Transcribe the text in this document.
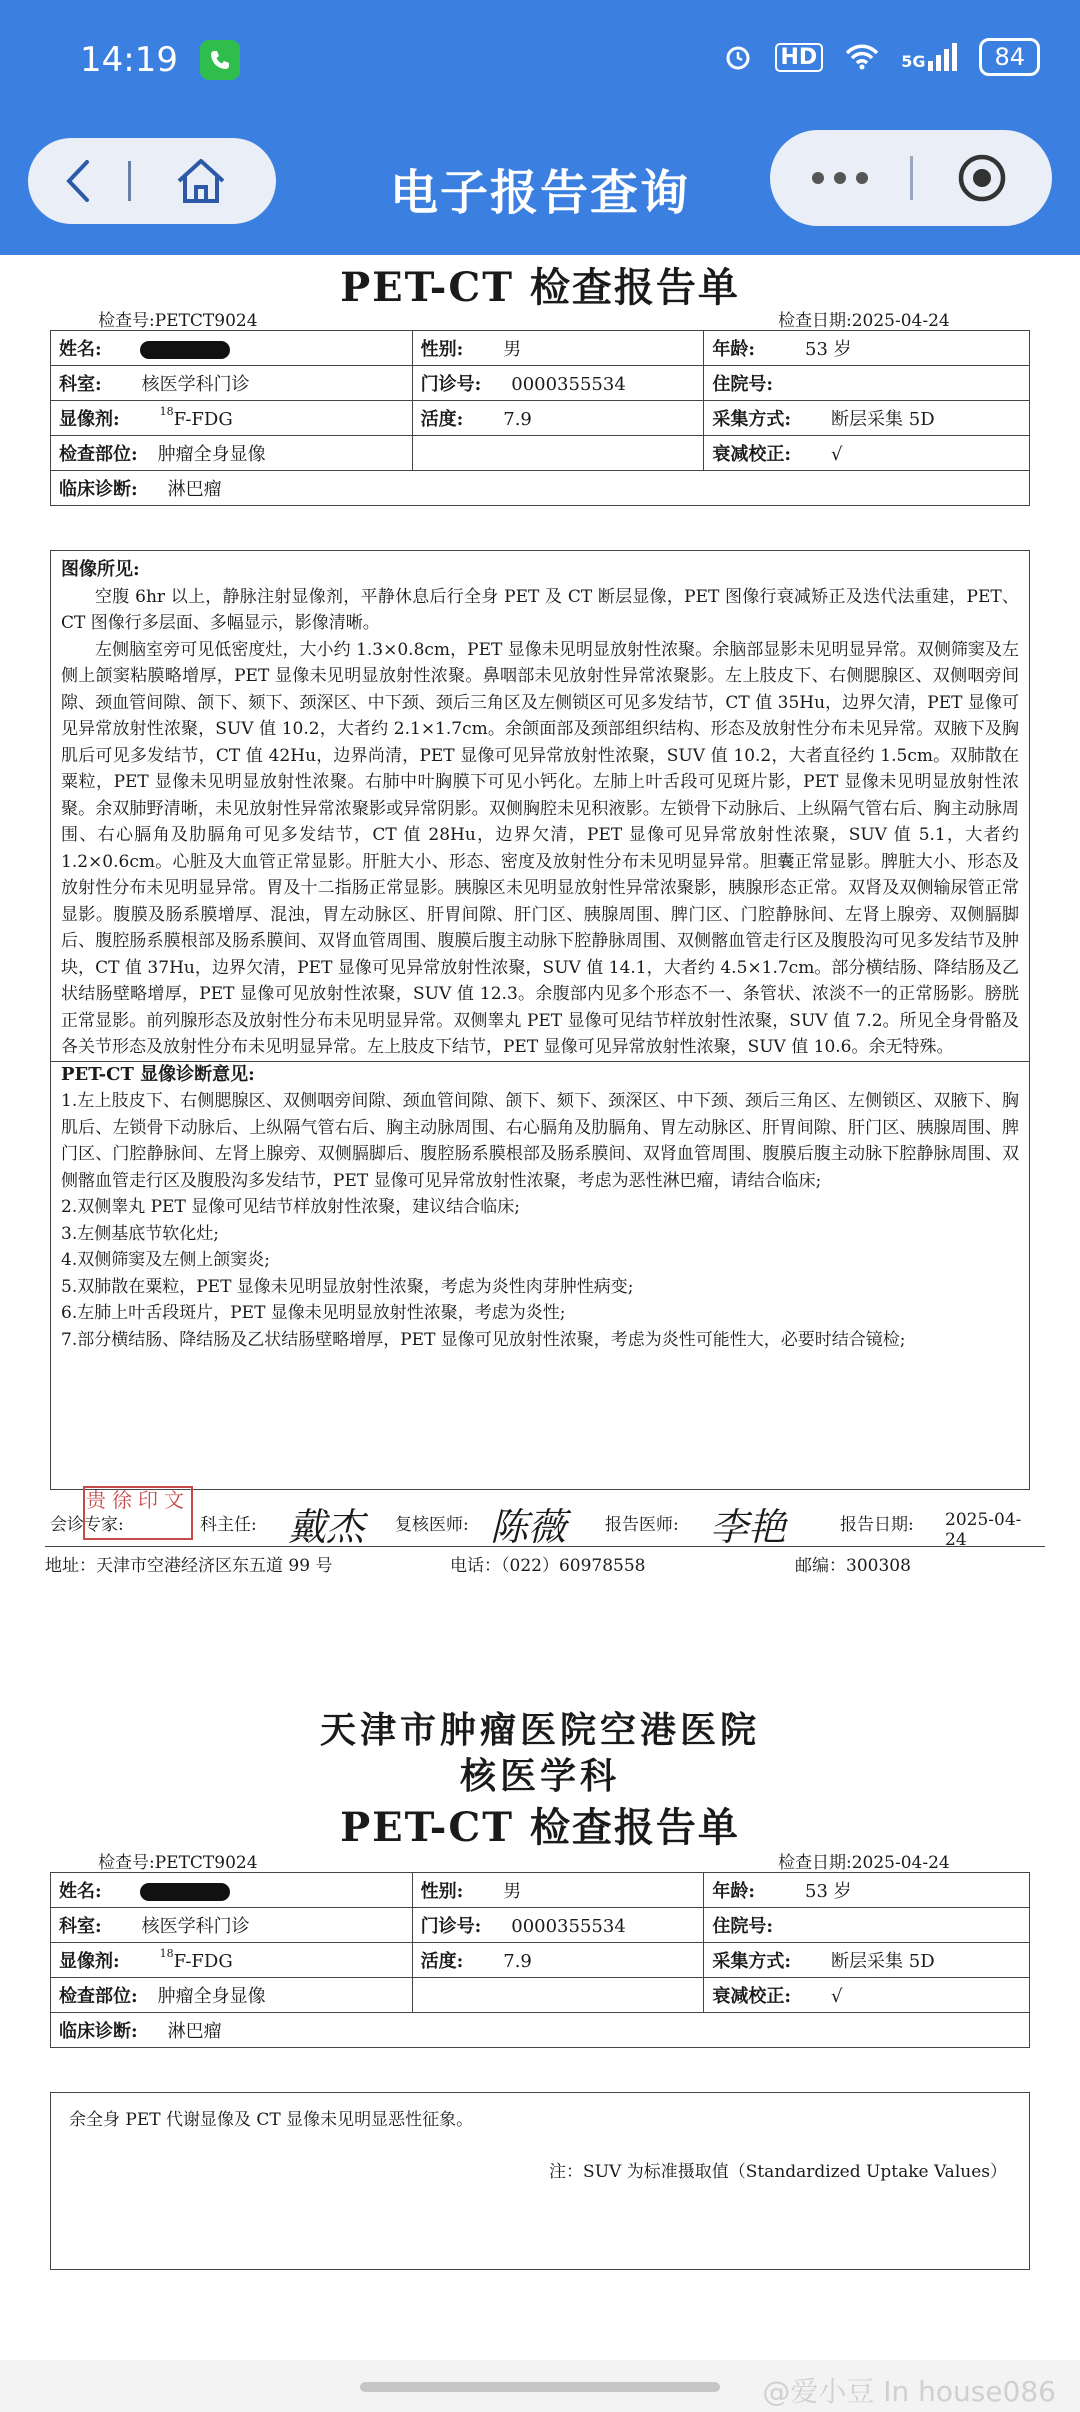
14:19	HD	5G	84
电子报告查询
PET-CT 检查报告单
检查号:PETCT9024	检查日期:2025-04-24
姓名:	性别: 男	年龄: 53 岁
科室: 核医学科门诊	门诊号: 0000355534	住院号:
显像剂: $^{18}$F-FDG	活度: 7.9	采集方式: 断层采集 5D
检查部位: 肿瘤全身显像		衰减校正: √
临床诊断: 淋巴瘤		
图像所见:
空腹 6hr 以上，静脉注射显像剂，平静休息后行全身 PET 及 CT 断层显像，PET 图像行衰减矫正及迭代法重建，PET、CT 图像行多层面、多幅显示，影像清晰。
左侧脑室旁可见低密度灶，大小约 1.3×0.8cm，PET 显像未见明显放射性浓聚。余脑部显影未见明显异常。双侧筛窦及左侧上颌窦粘膜略增厚，PET 显像未见明显放射性浓聚。鼻咽部未见放射性异常浓聚影。左上肢皮下、右侧腮腺区、双侧咽旁间隙、颈血管间隙、颌下、颏下、颈深区、中下颈、颈后三角区及左侧锁区可见多发结节，CT 值 35Hu，边界欠清，PET 显像可见异常放射性浓聚，SUV 值 10.2，大者约 2.1×1.7cm。余颌面部及颈部组织结构、形态及放射性分布未见异常。双腋下及胸肌后可见多发结节，CT 值 42Hu，边界尚清，PET 显像可见异常放射性浓聚，SUV 值 10.2，大者直径约 1.5cm。双肺散在粟粒，PET 显像未见明显放射性浓聚。右肺中叶胸膜下可见小钙化。左肺上叶舌段可见斑片影，PET 显像未见明显放射性浓聚。余双肺野清晰，未见放射性异常浓聚影或异常阴影。双侧胸腔未见积液影。左锁骨下动脉后、上纵隔气管右后、胸主动脉周围、右心膈角及肋膈角可见多发结节，CT 值 28Hu，边界欠清，PET 显像可见异常放射性浓聚，SUV 值 5.1，大者约 1.2×0.6cm。心脏及大血管正常显影。肝脏大小、形态、密度及放射性分布未见明显异常。胆囊正常显影。脾脏大小、形态及放射性分布未见明显异常。胃及十二指肠正常显影。胰腺区未见明显放射性异常浓聚影，胰腺形态正常。双肾及双侧输尿管正常显影。腹膜及肠系膜增厚、混浊，胃左动脉区、肝胃间隙、肝门区、胰腺周围、脾门区、门腔静脉间、左肾上腺旁、双侧膈脚后、腹腔肠系膜根部及肠系膜间、双肾血管周围、腹膜后腹主动脉下腔静脉周围、双侧髂血管走行区及腹股沟可见多发结节及肿块，CT 值 37Hu，边界欠清，PET 显像可见异常放射性浓聚，SUV 值 14.1，大者约 4.5×1.7cm。部分横结肠、降结肠及乙状结肠壁略增厚，PET 显像可见放射性浓聚，SUV 值 12.3。余腹部内见多个形态不一、条管状、浓淡不一的正常肠影。膀胱正常显影。前列腺形态及放射性分布未见明显异常。双侧睾丸 PET 显像可见结节样放射性浓聚，SUV 值 7.2。所见全身骨骼及各关节形态及放射性分布未见明显异常。左上肢皮下结节，PET 显像可见异常放射性浓聚，SUV 值 10.6。余无特殊。
PET-CT 显像诊断意见:
1.左上肢皮下、右侧腮腺区、双侧咽旁间隙、颈血管间隙、颌下、颏下、颈深区、中下颈、颈后三角区、左侧锁区、双腋下、胸肌后、左锁骨下动脉后、上纵隔气管右后、胸主动脉周围、右心膈角及肋膈角、胃左动脉区、肝胃间隙、肝门区、胰腺周围、脾门区、门腔静脉间、左肾上腺旁、双侧膈脚后、腹腔肠系膜根部及肠系膜间、双肾血管周围、腹膜后腹主动脉下腔静脉周围、双侧髂血管走行区及腹股沟多发结节，PET 显像可见异常放射性浓聚，考虑为恶性淋巴瘤，请结合临床;
2.双侧睾丸 PET 显像可见结节样放射性浓聚，建议结合临床;
3.左侧基底节软化灶;
4.双侧筛窦及左侧上颌窦炎;
5.双肺散在粟粒，PET 显像未见明显放射性浓聚，考虑为炎性肉芽肿性病变;
6.左肺上叶舌段斑片，PET 显像未见明显放射性浓聚，考虑为炎性;
7.部分横结肠、降结肠及乙状结肠壁略增厚，PET 显像可见放射性浓聚，考虑为炎性可能性大，必要时结合镜检;
会诊专家:	科主任: 戴杰 复核医师: 陈薇 报告医师: 李艳	报告日期: 2025-04-24
贵徐印文
地址：天津市空港经济区东五道 99 号	电话：（022）60978558	邮编：300308
天津市肿瘤医院空港医院
核医学科
PET-CT 检查报告单
检查号:PETCT9024	检查日期:2025-04-24
姓名:	性别: 男	年龄: 53 岁
科室: 核医学科门诊	门诊号: 0000355534	住院号:
显像剂: $^{18}$F-FDG	活度: 7.9	采集方式: 断层采集 5D
检查部位: 肿瘤全身显像		衰减校正: √
临床诊断: 淋巴瘤		
余全身 PET 代谢显像及 CT 显像未见明显恶性征象。
注：SUV 为标准摄取值（Standardized Uptake Values）
@爱小豆 In house086
